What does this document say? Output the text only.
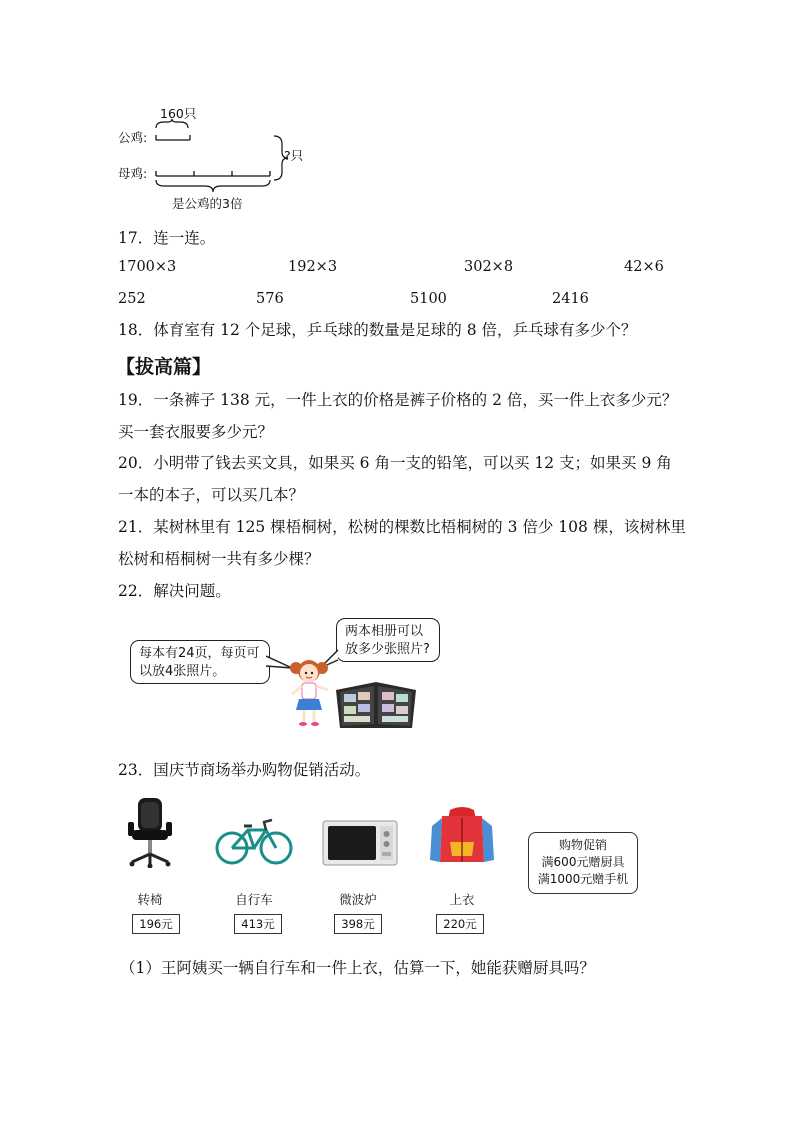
160只
公鸡:
母鸡:
?只
是公鸡的3倍
17．连一连。
1700×3	192×3	302×8	42×6
252	576	5100	2416
18．体育室有 12 个足球，乒乓球的数量是足球的 8 倍，乒乓球有多少个？
【拔高篇】
19．一条裤子 138 元，一件上衣的价格是裤子价格的 2 倍，买一件上衣多少元？
买一套衣服要多少元？
20．小明带了钱去买文具，如果买 6 角一支的铅笔，可以买 12 支；如果买 9 角
一本的本子，可以买几本？
21．某树林里有 125 棵梧桐树，松树的棵数比梧桐树的 3 倍少 108 棵，该树林里
松树和梧桐树一共有多少棵？
22．解决问题。
每本有24页，每页可
以放4张照片。
两本相册可以
放多少张照片?
23．国庆节商场举办购物促销活动。
转椅	自行车	微波炉	上衣
196元	413元	398元	220元
购物促销
满600元赠厨具
满1000元赠手机
（1）王阿姨买一辆自行车和一件上衣，估算一下，她能获赠厨具吗？
